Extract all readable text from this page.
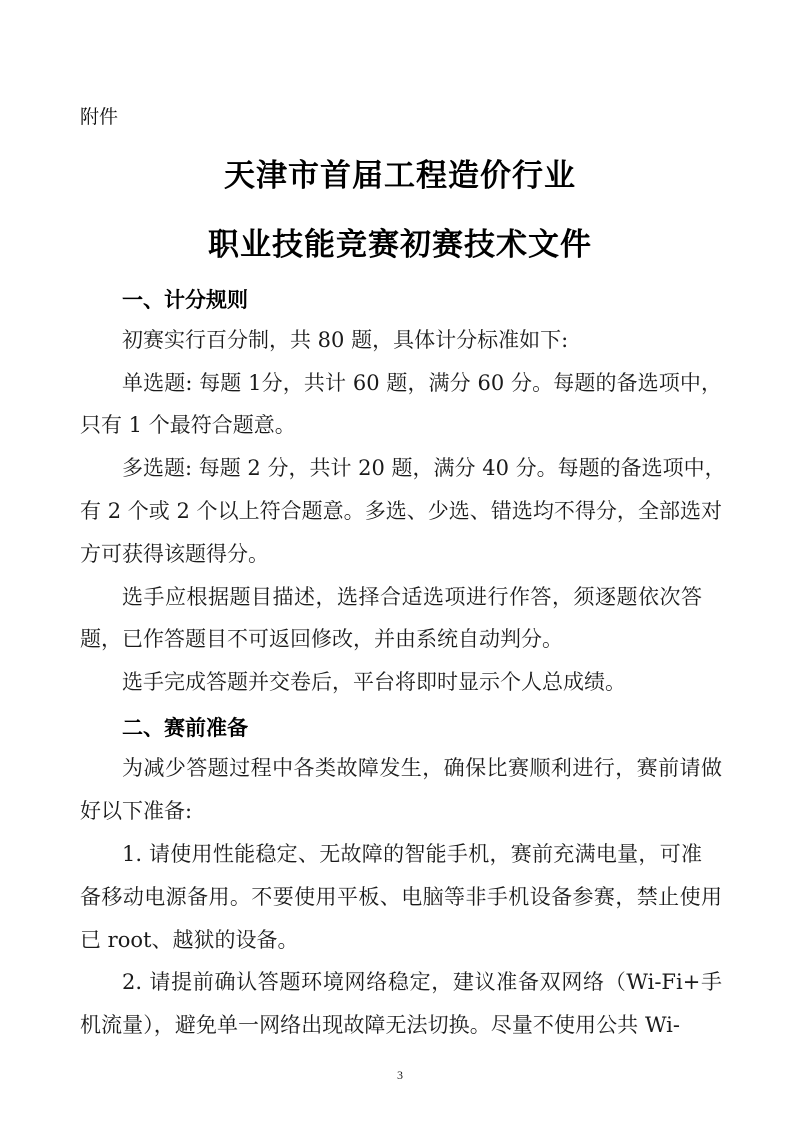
附件
天津市首届工程造价行业
职业技能竞赛初赛技术文件
一、计分规则
初赛实行百分制，共 80 题，具体计分标准如下:
单选题: 每题 1分，共计 60 题，满分 60 分。每题的备选项中，
只有 1 个最符合题意。
多选题: 每题 2 分，共计 20 题，满分 40 分。每题的备选项中，
有 2 个或 2 个以上符合题意。多选、少选、错选均不得分，全部选对
方可获得该题得分。
选手应根据题目描述，选择合适选项进行作答，须逐题依次答
题，已作答题目不可返回修改，并由系统自动判分。
选手完成答题并交卷后，平台将即时显示个人总成绩。
二、赛前准备
为减少答题过程中各类故障发生，确保比赛顺利进行，赛前请做
好以下准备:
1. 请使用性能稳定、无故障的智能手机，赛前充满电量，可准
备移动电源备用。不要使用平板、电脑等非手机设备参赛，禁止使用
已 root、越狱的设备。
2. 请提前确认答题环境网络稳定，建议准备双网络（Wi-Fi+手
机流量），避免单一网络出现故障无法切换。尽量不使用公共 Wi-
3
